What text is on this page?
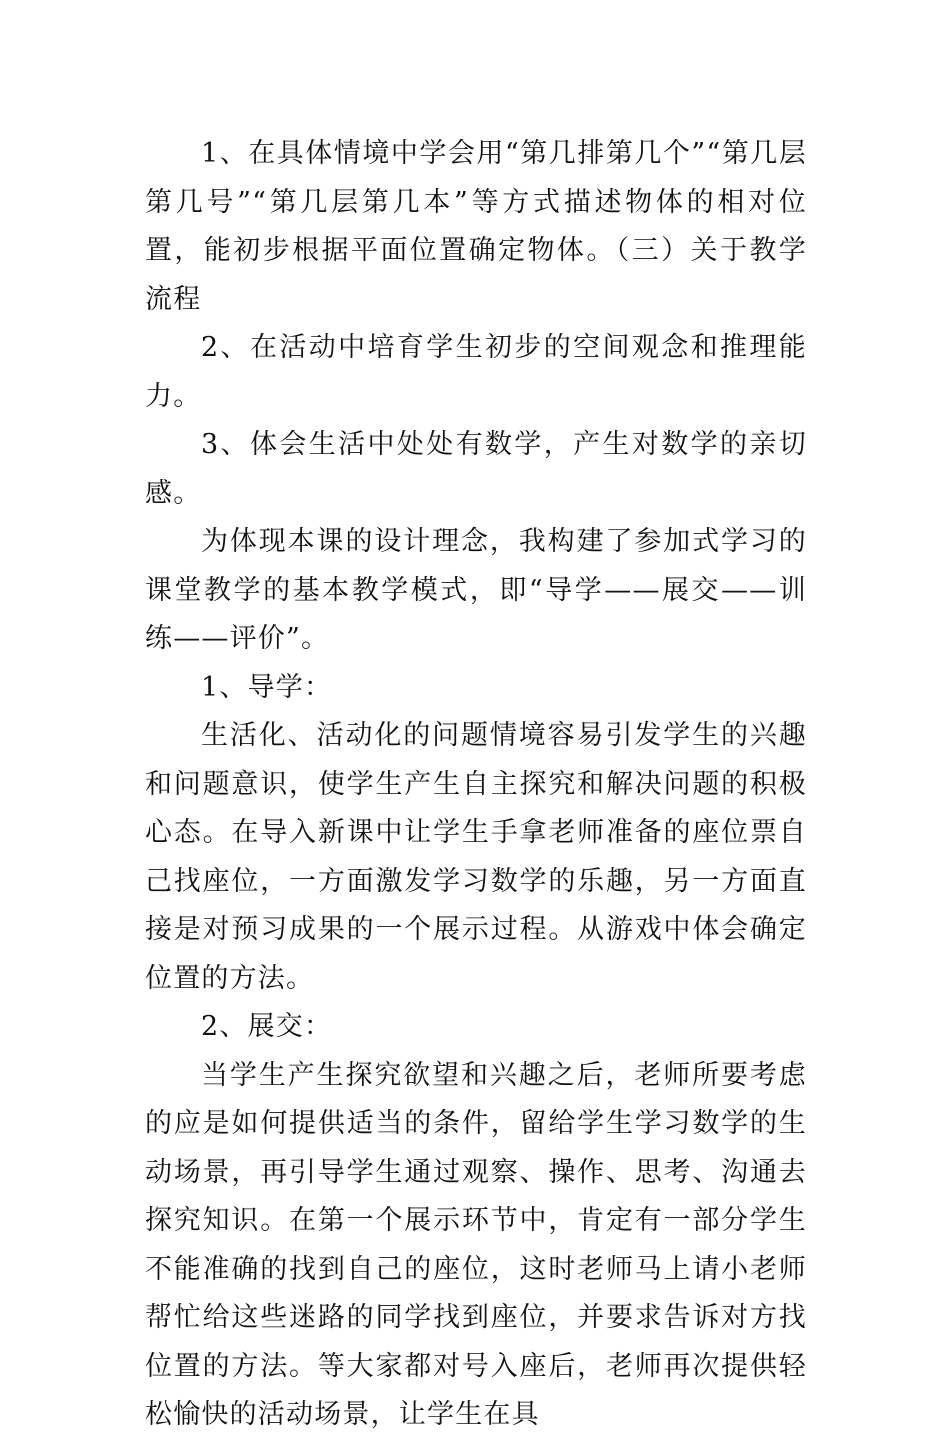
1、在具体情境中学会用“第几排第几个”“第几层第几号”“第几层第几本”等方式描述物体的相对位置，能初步根据平面位置确定物体。（三）关于教学流程

2、在活动中培育学生初步的空间观念和推理能力。

3、体会生活中处处有数学，产生对数学的亲切感。

为体现本课的设计理念，我构建了参加式学习的课堂教学的基本教学模式，即“导学——展交——训练——评价”。

1、导学：

生活化、活动化的问题情境容易引发学生的兴趣和问题意识，使学生产生自主探究和解决问题的积极心态。在导入新课中让学生手拿老师准备的座位票自己找座位，一方面激发学习数学的乐趣，另一方面直接是对预习成果的一个展示过程。从游戏中体会确定位置的方法。

2、展交：

当学生产生探究欲望和兴趣之后，老师所要考虑的应是如何提供适当的条件，留给学生学习数学的生动场景，再引导学生通过观察、操作、思考、沟通去探究知识。在第一个展示环节中，肯定有一部分学生不能准确的找到自己的座位，这时老师马上请小老师帮忙给这些迷路的同学找到座位，并要求告诉对方找位置的方法。等大家都对号入座后，老师再次提供轻松愉快的活动场景，让学生在具
